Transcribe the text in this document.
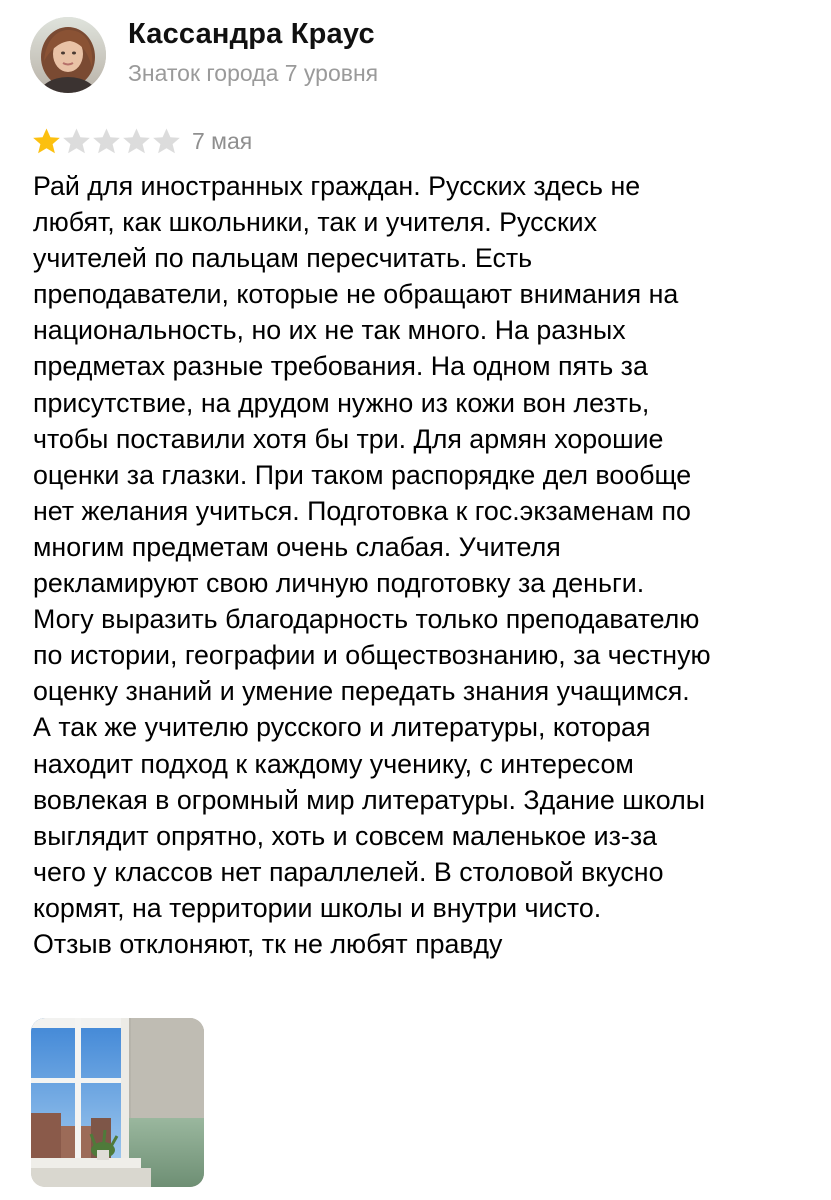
Кассандра Краус
Знаток города 7 уровня
7 мая
Рай для иностранных граждан. Русских здесь не
любят, как школьники, так и учителя. Русских
учителей по пальцам пересчитать. Есть
преподаватели, которые не обращают внимания на
национальность, но их не так много. На разных
предметах разные требования. На одном пять за
присутствие, на друдом нужно из кожи вон лезть,
чтобы поставили хотя бы три. Для армян хорошие
оценки за глазки. При таком распорядке дел вообще
нет желания учиться. Подготовка к гос.экзаменам по
многим предметам очень слабая. Учителя
рекламируют свою личную подготовку за деньги.
Могу выразить благодарность только преподавателю
по истории, географии и обществознанию, за честную
оценку знаний и умение передать знания учащимся.
А так же учителю русского и литературы, которая
находит подход к каждому ученику, с интересом
вовлекая в огромный мир литературы. Здание школы
выглядит опрятно, хоть и совсем маленькое из-за
чего у классов нет параллелей. В столовой вкусно
кормят, на территории школы и внутри чисто.
Отзыв отклоняют, тк не любят правду
